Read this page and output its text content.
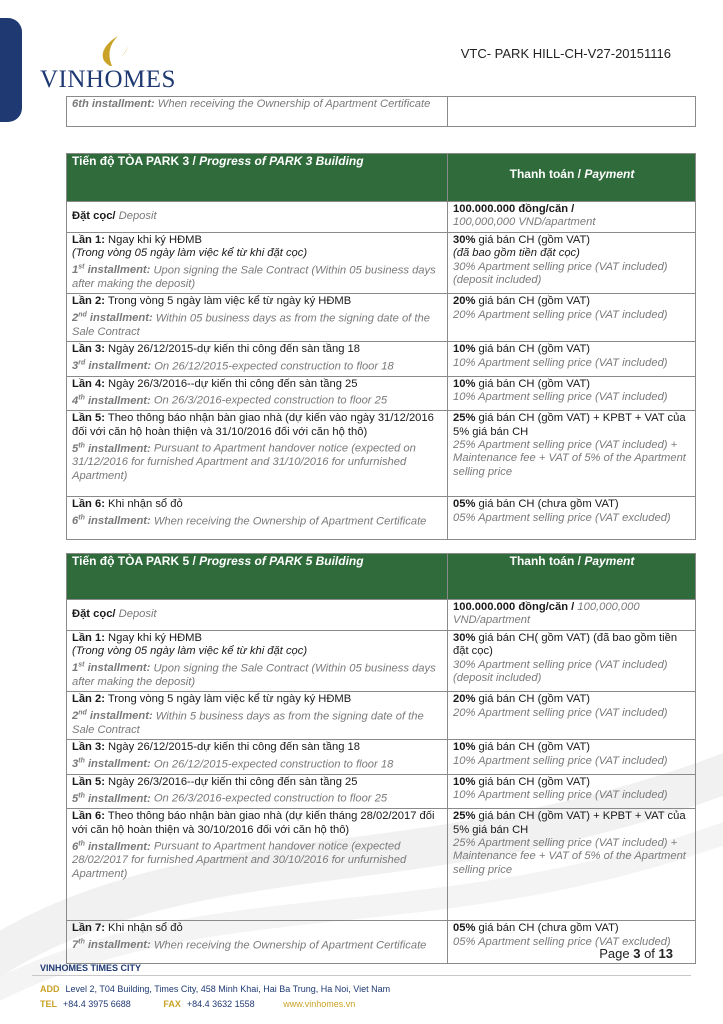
VINHOMES
VTC- PARK HILL-CH-V27-20151116
6th installment: When receiving the Ownership of Apartment Certificate	
Tiến độ TÒA PARK 3 / Progress of PARK 3 Building	Thanh toán / Payment
Đặt cọc/ Deposit	100.000.000 đồng/căn /
100,000,000 VND/apartment
Lần 1: Ngay khi ký HĐMB
(Trong vòng 05 ngày làm việc kể từ khi đặt cọc)
1st installment: Upon signing the Sale Contract (Within 05 business days after making the deposit)	30% giá bán CH (gồm VAT)
(đã bao gồm tiền đặt cọc)
30% Apartment selling price (VAT included) (deposit included)
Lần 2: Trong vòng 5 ngày làm việc kể từ ngày ký HĐMB
2nd installment: Within 05 business days as from the signing date of the Sale Contract	20% giá bán CH (gồm VAT)
20% Apartment selling price (VAT included)
Lần 3: Ngày 26/12/2015-dự kiến thi công đến sàn tầng 18
3rd installment: On 26/12/2015-expected construction to floor 18	10% giá bán CH (gồm VAT)
10% Apartment selling price (VAT included)
Lần 4: Ngày 26/3/2016--dự kiến thi công đến sàn tầng 25
4th installment: On 26/3/2016-expected construction to floor 25	10% giá bán CH (gồm VAT)
10% Apartment selling price (VAT included)
Lần 5: Theo thông báo nhận bàn giao nhà (dự kiến vào ngày 31/12/2016 đối với căn hộ hoàn thiện và 31/10/2016 đối với căn hộ thô)
5th installment: Pursuant to Apartment handover notice (expected on 31/12/2016 for furnished Apartment and 31/10/2016 for unfurnished Apartment)	25% giá bán CH (gồm VAT) + KPBT + VAT của 5% giá bán CH
25% Apartment selling price (VAT included) + Maintenance fee + VAT of 5% of the Apartment selling price
Lần 6: Khi nhận sổ đỏ
6th installment: When receiving the Ownership of Apartment Certificate	05% giá bán CH (chưa gồm VAT)
05% Apartment selling price (VAT excluded)
Tiến độ TÒA PARK 5 / Progress of PARK 5 Building	Thanh toán / Payment
Đặt cọc/ Deposit	100.000.000 đồng/căn / 100,000,000 VND/apartment
Lần 1: Ngay khi ký HĐMB
(Trong vòng 05 ngày làm việc kể từ khi đặt cọc)
1st installment: Upon signing the Sale Contract (Within 05 business days after making the deposit)	30% giá bán CH( gồm VAT) (đã bao gồm tiền đặt cọc)
30% Apartment selling price (VAT included) (deposit included)
Lần 2: Trong vòng 5 ngày làm việc kể từ ngày ký HĐMB
2nd installment: Within 5 business days as from the signing date of the Sale Contract	20% giá bán CH (gồm VAT)
20% Apartment selling price (VAT included)
Lần 3: Ngày 26/12/2015-dự kiến thi công đến sàn tầng 18
3th installment: On 26/12/2015-expected construction to floor 18	10% giá bán CH (gồm VAT)
10% Apartment selling price (VAT included)
Lần 5: Ngày 26/3/2016--dự kiến thi công đến sàn tầng 25
5th installment: On 26/3/2016-expected construction to floor 25	10% giá bán CH (gồm VAT)
10% Apartment selling price (VAT included)
Lần 6: Theo thông báo nhận bàn giao nhà (dự kiến tháng 28/02/2017 đối với căn hộ hoàn thiện và 30/10/2016 đối với căn hộ thô)
6th installment: Pursuant to Apartment handover notice (expected 28/02/2017 for furnished Apartment and 30/10/2016 for unfurnished Apartment)	25% giá bán CH (gồm VAT) + KPBT + VAT của 5% giá bán CH
25% Apartment selling price (VAT included) + Maintenance fee + VAT of 5% of the Apartment selling price
Lần 7: Khi nhận sổ đỏ
7th installment: When receiving the Ownership of Apartment Certificate	05% giá bán CH (chưa gồm VAT)
05% Apartment selling price (VAT excluded)
Page 3 of 13
VINHOMES TIMES CITY
ADD Level 2, T04 Building, Times City, 458 Minh Khai, Hai Ba Trung, Ha Noi, Viet Nam
TEL +84.4 3975 6688	FAX +84.4 3632 1558	www.vinhomes.vn
